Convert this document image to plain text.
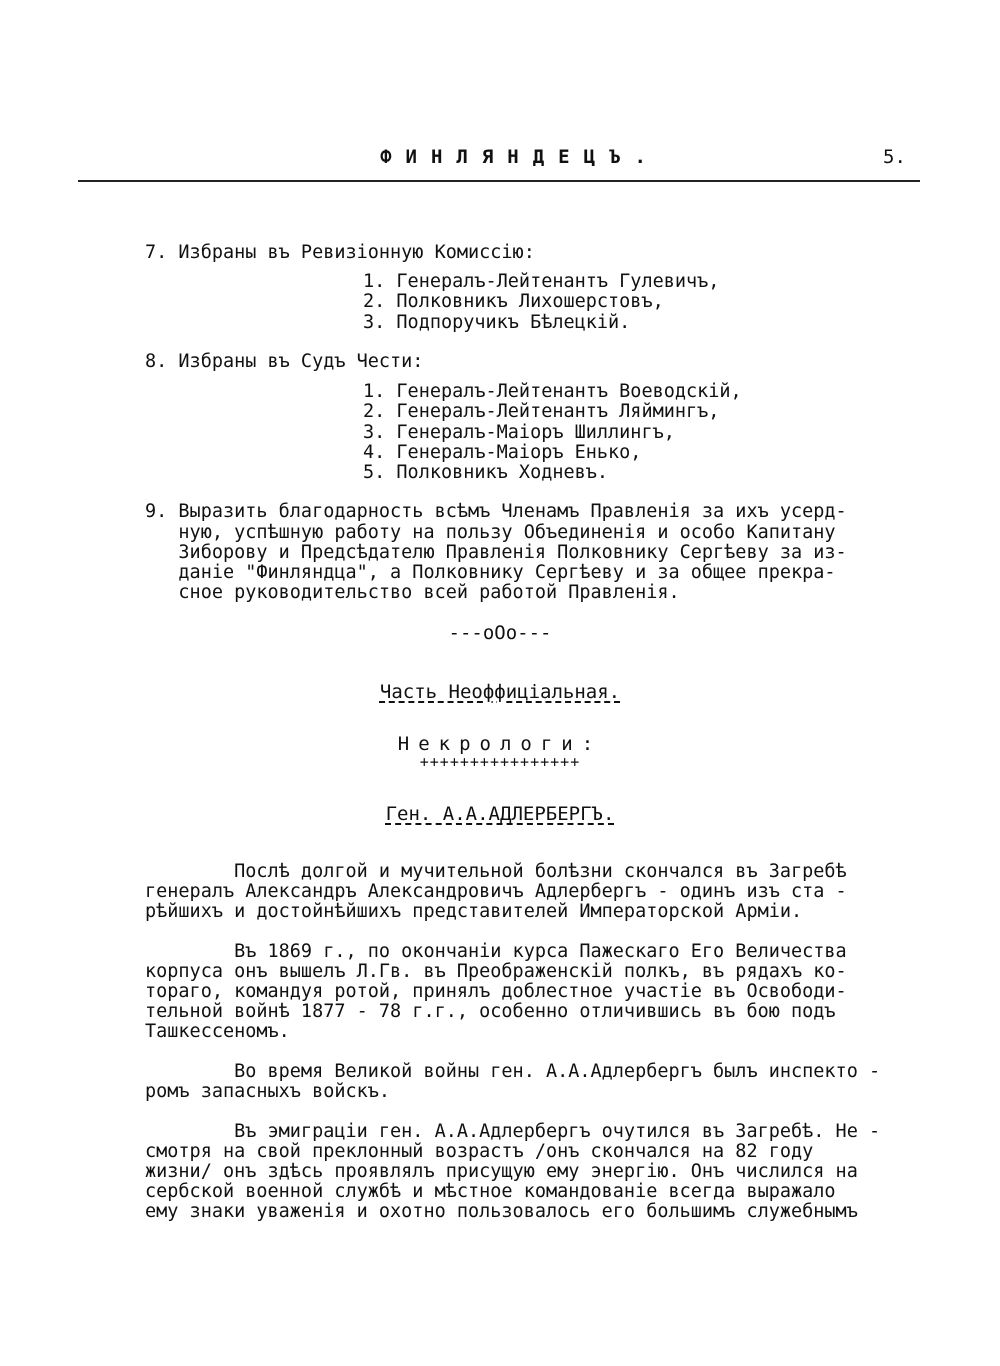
ФИНЛЯНДЕЦЪ.	5.
7. Избраны въ Ревизiонную Комиссiю:
1. Генералъ-Лейтенантъ Гулевичъ,
2. Полковникъ Лихошерстовъ,
3. Подпоручикъ Бѣлецкiй.
8. Избраны въ Судъ Чести:
1. Генералъ-Лейтенантъ Воеводскiй,
2. Генералъ-Лейтенантъ Ляймингъ,
3. Генералъ-Маiоръ Шиллингъ,
4. Генералъ-Маiоръ Енько,
5. Полковникъ Ходневъ.
9. Выразить благодарность всѣмъ Членамъ Правленiя за ихъ усерд-
ную, успѣшную работу на пользу Объединенiя и особо Капитану
Зиборову и Предсѣдателю Правленiя Полковнику Сергѣеву за из-
данiе "Финляндца", а Полковнику Сергѣеву и за общее прекра-
сное руководительство всей работой Правленiя.
---oOo---
Часть Неоффицiальная.
Некрологи:
++++++++++++++++
Ген. А.А.АДЛЕРБЕРГЪ.
Послѣ долгой и мучительной болѣзни скончался въ Загребѣ
генералъ Александръ Александровичъ Адлербергъ - одинъ изъ ста -
рѣйшихъ и достойнѣйшихъ представителей Императорской Армiи.
Въ 1869 г., по окончанiи курса Пажескаго Его Величества
корпуса онъ вышелъ Л.Гв. въ Преображенскiй полкъ, въ рядахъ ко-
тораго, командуя ротой, принялъ доблестное участiе въ Освободи-
тельной войнѣ 1877 - 78 г.г., особенно отличившись въ бою подъ
Ташкессеномъ.
Во время Великой войны ген. А.А.Адлербергъ былъ инспекто -
ромъ запасныхъ войскъ.
Въ эмиграцiи ген. А.А.Адлербергъ очутился въ Загребѣ. Не -
смотря на свой преклонный возрастъ /онъ скончался на 82 году
жизни/ онъ здѣсь проявлялъ присущую ему энергiю. Онъ числился на
сербской военной службѣ и мѣстное командованiе всегда выражало
ему знаки уваженiя и охотно пользовалось его большимъ служебнымъ
